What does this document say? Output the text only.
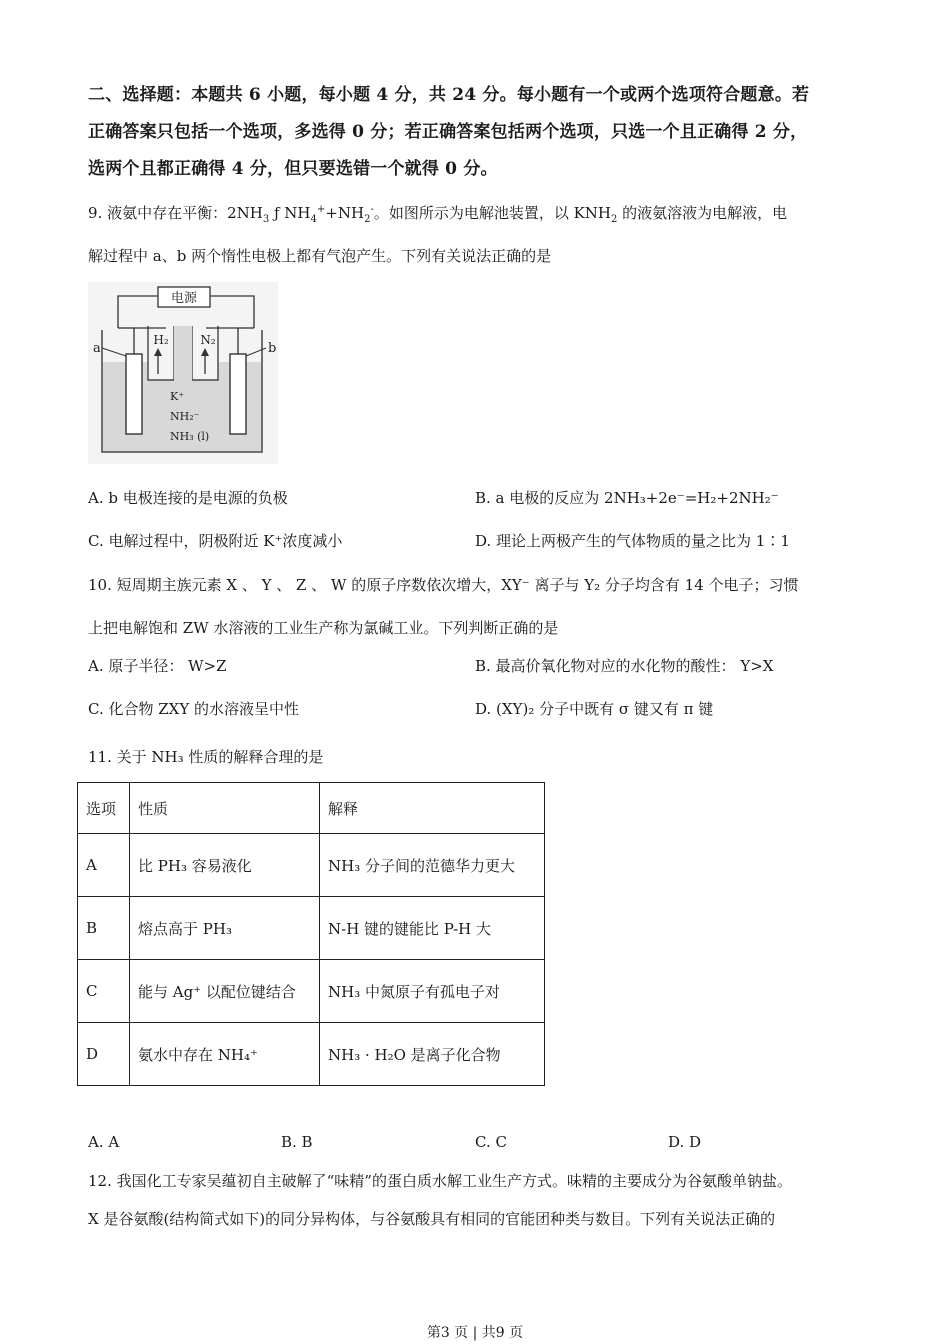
二、选择题：本题共 6 小题，每小题 4 分，共 24 分。每小题有一个或两个选项符合题意。若
正确答案只包括一个选项，多选得 0 分；若正确答案包括两个选项，只选一个且正确得 2 分，
选两个且都正确得 4 分，但只要选错一个就得 0 分。
9. 液氨中存在平衡：$2NH_3$ ƒ $NH_4^++NH_2^-$。如图所示为电解池装置，以 $KNH_2$ 的液氨溶液为电解液，电
解过程中 a、b 两个惰性电极上都有气泡产生。下列有关说法正确的是
电源
H₂	N₂
a	b
K⁺
NH₂⁻
NH₃ (l)
A. b 电极连接的是电源的负极	B. a 电极的反应为 2NH₃+2e⁻=H₂+2NH₂⁻
C. 电解过程中，阴极附近 K⁺浓度减小	D. 理论上两极产生的气体物质的量之比为 1∶1
10. 短周期主族元素 X 、 Y 、 Z 、 W 的原子序数依次增大，XY⁻ 离子与 Y₂ 分子均含有 14 个电子；习惯
上把电解饱和 ZW 水溶液的工业生产称为氯碱工业。下列判断正确的是
A. 原子半径： W>Z	B. 最高价氧化物对应的水化物的酸性： Y>X
C. 化合物 ZXY 的水溶液呈中性	D. (XY)₂ 分子中既有 σ 键又有 π 键
11. 关于 NH₃ 性质的解释合理的是
选项	性质	解释
A	比 PH₃ 容易液化	NH₃ 分子间的范德华力更大
B	熔点高于 PH₃	N-H 键的键能比 P-H 大
C	能与 Ag⁺ 以配位键结合	NH₃ 中氮原子有孤电子对
D	氨水中存在 NH₄⁺	NH₃ · H₂O 是离子化合物
A. A	B. B	C. C	D. D
12. 我国化工专家吴蕴初自主破解了“味精”的蛋白质水解工业生产方式。味精的主要成分为谷氨酸单钠盐。
X 是谷氨酸(结构简式如下)的同分异构体，与谷氨酸具有相同的官能团种类与数目。下列有关说法正确的
第3 页 | 共9 页
